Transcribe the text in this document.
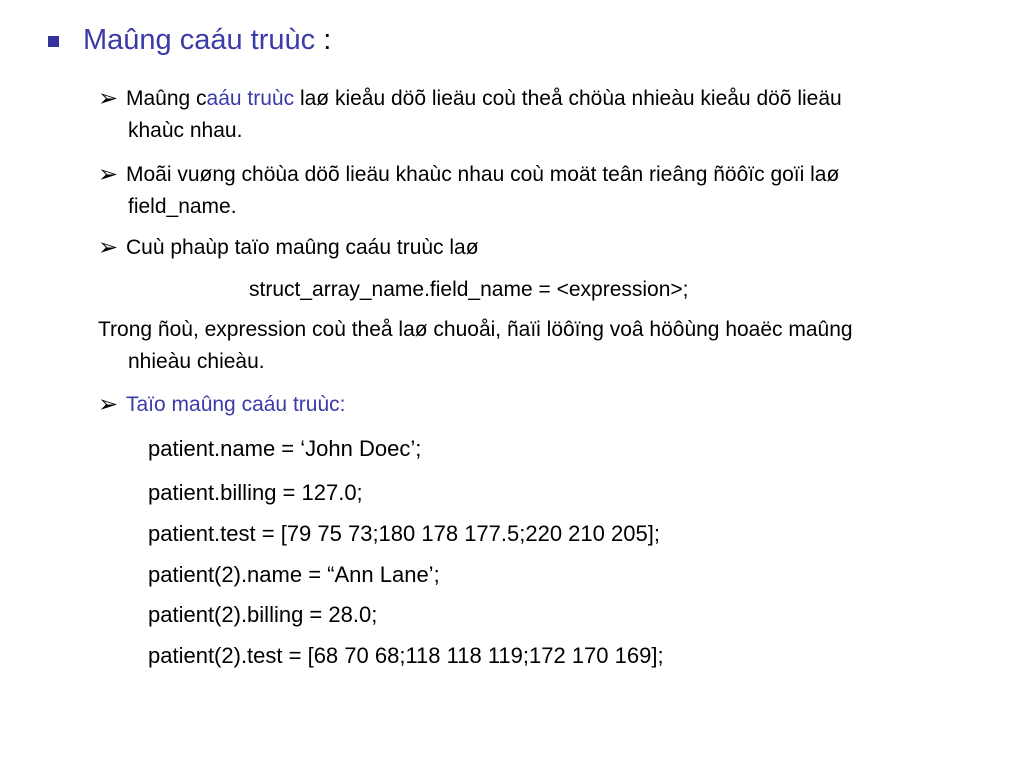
Maûng caáu truùc :
➢ Maûng caáu truùc laø kieåu döõ lieäu coù theå chöùa nhieàu kieåu döõ lieäu
khaùc nhau.
➢ Moãi vuøng chöùa döõ lieäu khaùc nhau coù moät teân rieâng ñöôïc goïi laø
field_name.
➢ Cuù phaùp taïo maûng caáu truùc laø
struct_array_name.field_name = <expression>;
Trong ñoù, expression coù theå laø chuoåi, ñaïi löôïng voâ höôùng hoaëc maûng
nhieàu chieàu.
➢ Taïo maûng caáu truùc:
patient.name = ‘John Doec’;
patient.billing = 127.0;
patient.test = [79 75 73;180 178 177.5;220 210 205];
patient(2).name = “Ann Lane’;
patient(2).billing = 28.0;
patient(2).test = [68 70 68;118 118 119;172 170 169];
